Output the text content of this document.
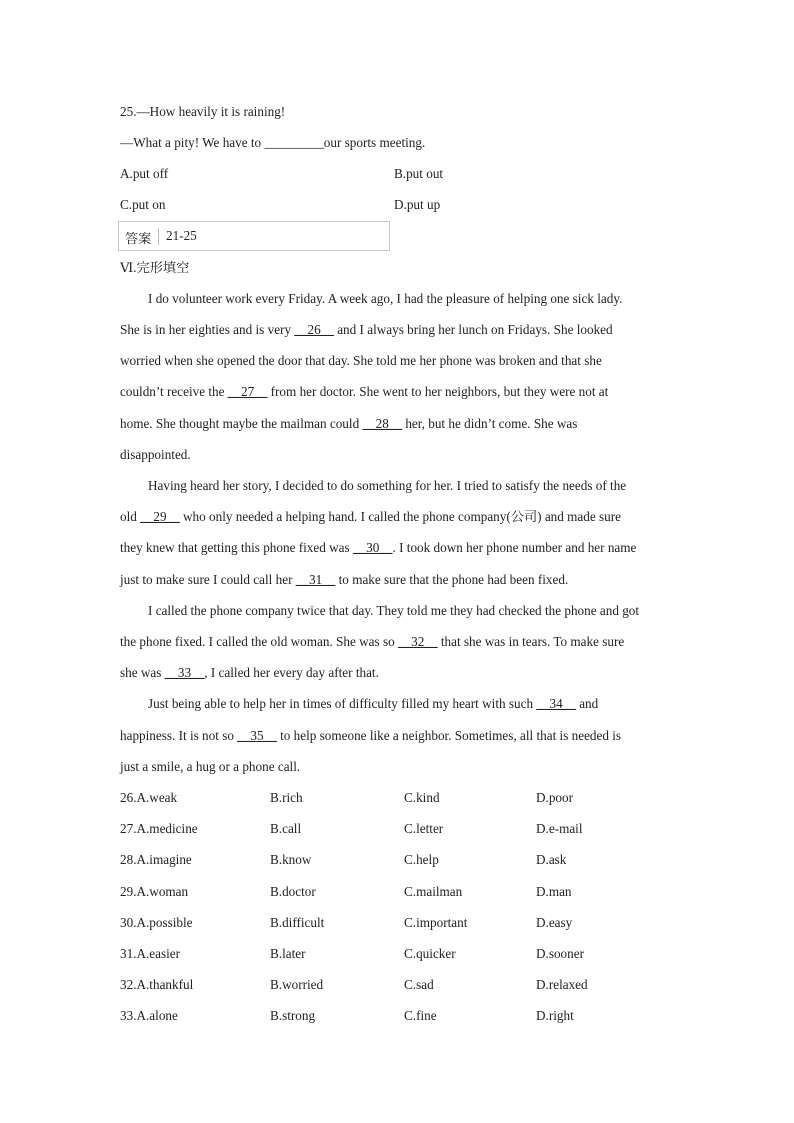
25.—How heavily it is raining!
—What a pity! We have to _________our sports meeting.
A.put off	B.put out
C.put on	D.put up
答案 21-25
Ⅵ.完形填空
I do volunteer work every Friday. A week ago, I had the pleasure of helping one sick lady.
She is in her eighties and is very __26__ and I always bring her lunch on Fridays. She looked
worried when she opened the door that day. She told me her phone was broken and that she
couldn’t receive the __27__ from her doctor. She went to her neighbors, but they were not at
home. She thought maybe the mailman could __28__ her, but he didn’t come. She was
disappointed.
Having heard her story, I decided to do something for her. I tried to satisfy the needs of the
old __29__ who only needed a helping hand. I called the phone company(公司) and made sure
they knew that getting this phone fixed was __30__. I took down her phone number and her name
just to make sure I could call her __31__ to make sure that the phone had been fixed.
I called the phone company twice that day. They told me they had checked the phone and got
the phone fixed. I called the old woman. She was so __32__ that she was in tears. To make sure
she was __33__, I called her every day after that.
Just being able to help her in times of difficulty filled my heart with such __34__ and
happiness. It is not so __35__ to help someone like a neighbor. Sometimes, all that is needed is
just a smile, a hug or a phone call.
26.A.weak	B.rich	C.kind	D.poor
27.A.medicine	B.call	C.letter	D.e-mail
28.A.imagine	B.know	C.help	D.ask
29.A.woman	B.doctor	C.mailman	D.man
30.A.possible	B.difficult	C.important	D.easy
31.A.easier	B.later	C.quicker	D.sooner
32.A.thankful	B.worried	C.sad	D.relaxed
33.A.alone	B.strong	C.fine	D.right
